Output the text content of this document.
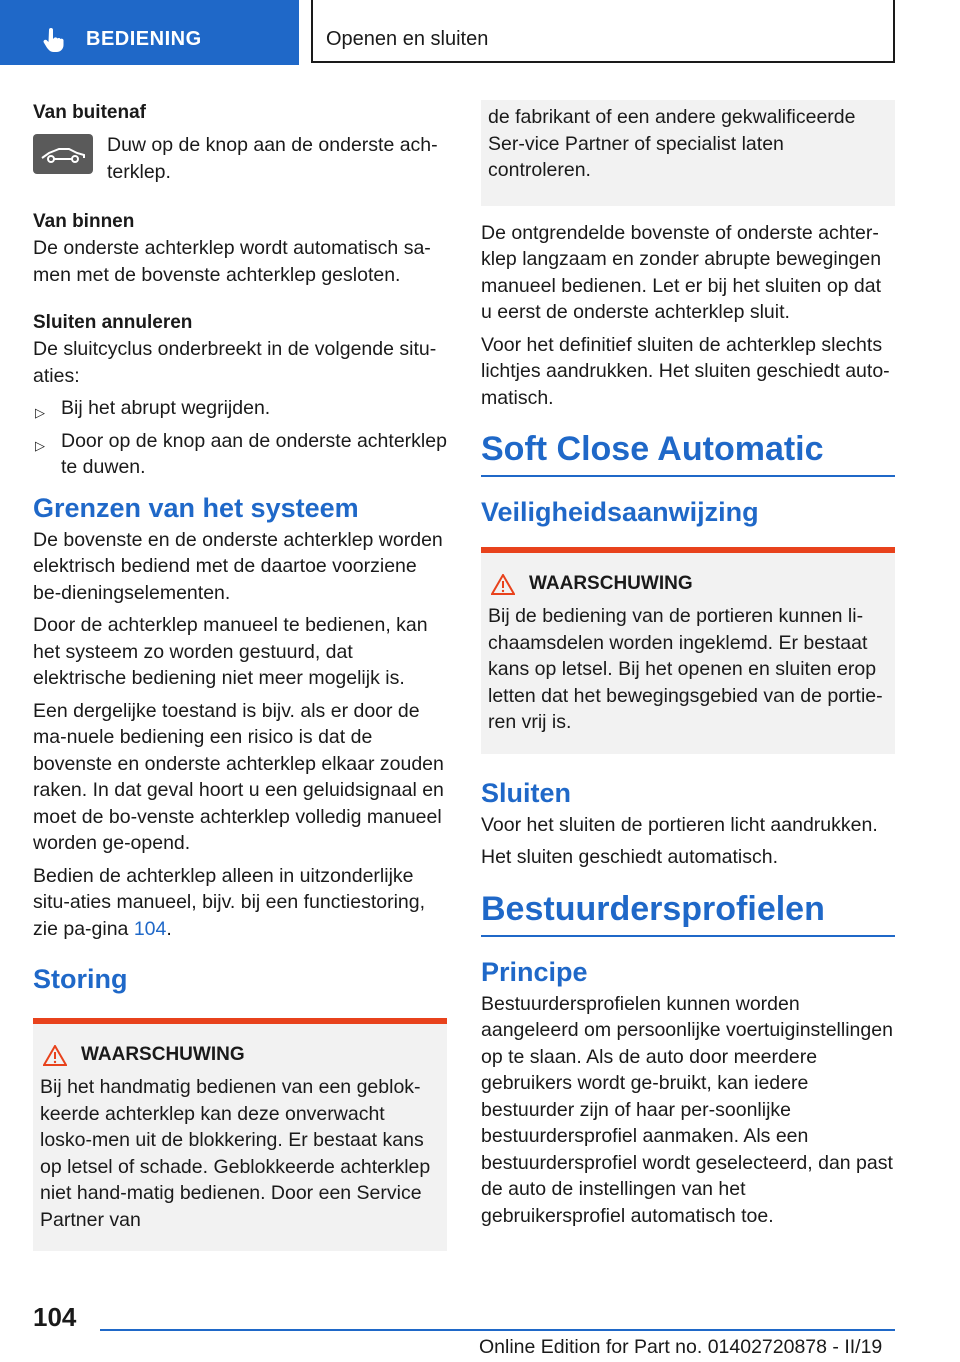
BEDIENING	Openen en sluiten

Van buitenaf

Duw op de knop aan de onderste ach-terklep.

Van binnen

De onderste achterklep wordt automatisch sa-men met de bovenste achterklep gesloten.

Sluiten annuleren

De sluitcyclus onderbreekt in de volgende situ-aties:

▷ Bij het abrupt wegrijden.
▷ Door op de knop aan de onderste achterklep te duwen.
Grenzen van het systeem

De bovenste en de onderste achterklep worden elektrisch bediend met de daartoe voorziene be-dieningselementen.

Door de achterklep manueel te bedienen, kan het systeem zo worden gestuurd, dat elektrische bediening niet meer mogelijk is.

Een dergelijke toestand is bijv. als er door de ma-nuele bediening een risico is dat de bovenste en onderste achterklep elkaar zouden raken. In dat geval hoort u een geluidsignaal en moet de bo-venste achterklep volledig manueel worden ge-opend.

Bedien de achterklep alleen in uitzonderlijke situ-aties manueel, bijv. bij een functiestoring, zie pa-gina 104.

Storing
WAARSCHUWING

Bij het handmatig bedienen van een geblok-keerde achterklep kan deze onverwacht losko-men uit de blokkering. Er bestaat kans op letsel of schade. Geblokkeerde achterklep niet hand-matig bedienen. Door een Service Partner van

de fabrikant of een andere gekwalificeerde Ser-vice Partner of specialist laten controleren.

De ontgrendelde bovenste of onderste achter-klep langzaam en zonder abrupte bewegingen manueel bedienen. Let er bij het sluiten op dat u eerst de onderste achterklep sluit.

Voor het definitief sluiten de achterklep slechts lichtjes aandrukken. Het sluiten geschiedt auto-matisch.

Soft Close Automatic
Veiligheidsaanwijzing
WAARSCHUWING

Bij de bediening van de portieren kunnen li-chaamsdelen worden ingeklemd. Er bestaat kans op letsel. Bij het openen en sluiten erop letten dat het bewegingsgebied van de portie-ren vrij is.

Sluiten

Voor het sluiten de portieren licht aandrukken.

Het sluiten geschiedt automatisch.

Bestuurdersprofielen
Principe

Bestuurdersprofielen kunnen worden aangeleerd om persoonlijke voertuiginstellingen op te slaan. Als de auto door meerdere gebruikers wordt ge-bruikt, kan iedere bestuurder zijn of haar per-soonlijke bestuurdersprofiel aanmaken. Als een bestuurdersprofiel wordt geselecteerd, dan past de auto de instellingen van het gebruikersprofiel automatisch toe.

104
Online Edition for Part no. 01402720878 - II/19
